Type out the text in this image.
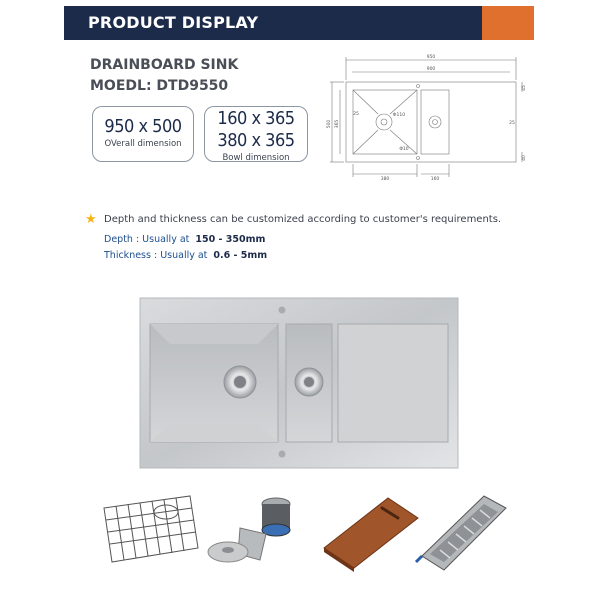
PRODUCT DISPLAY
DRAINBOARD SINK
MOEDL: DTD9550
950 x 500
OVerall dimension
160 x 365
380 x 365
Bowl dimension
950
900
500 365
380	160
Φ110
Φ10
25
25
45
40
★ Depth and thickness can be customized according to customer's requirements.
Depth : Usually at 150 - 350mm
Thickness : Usually at 0.6 - 5mm
